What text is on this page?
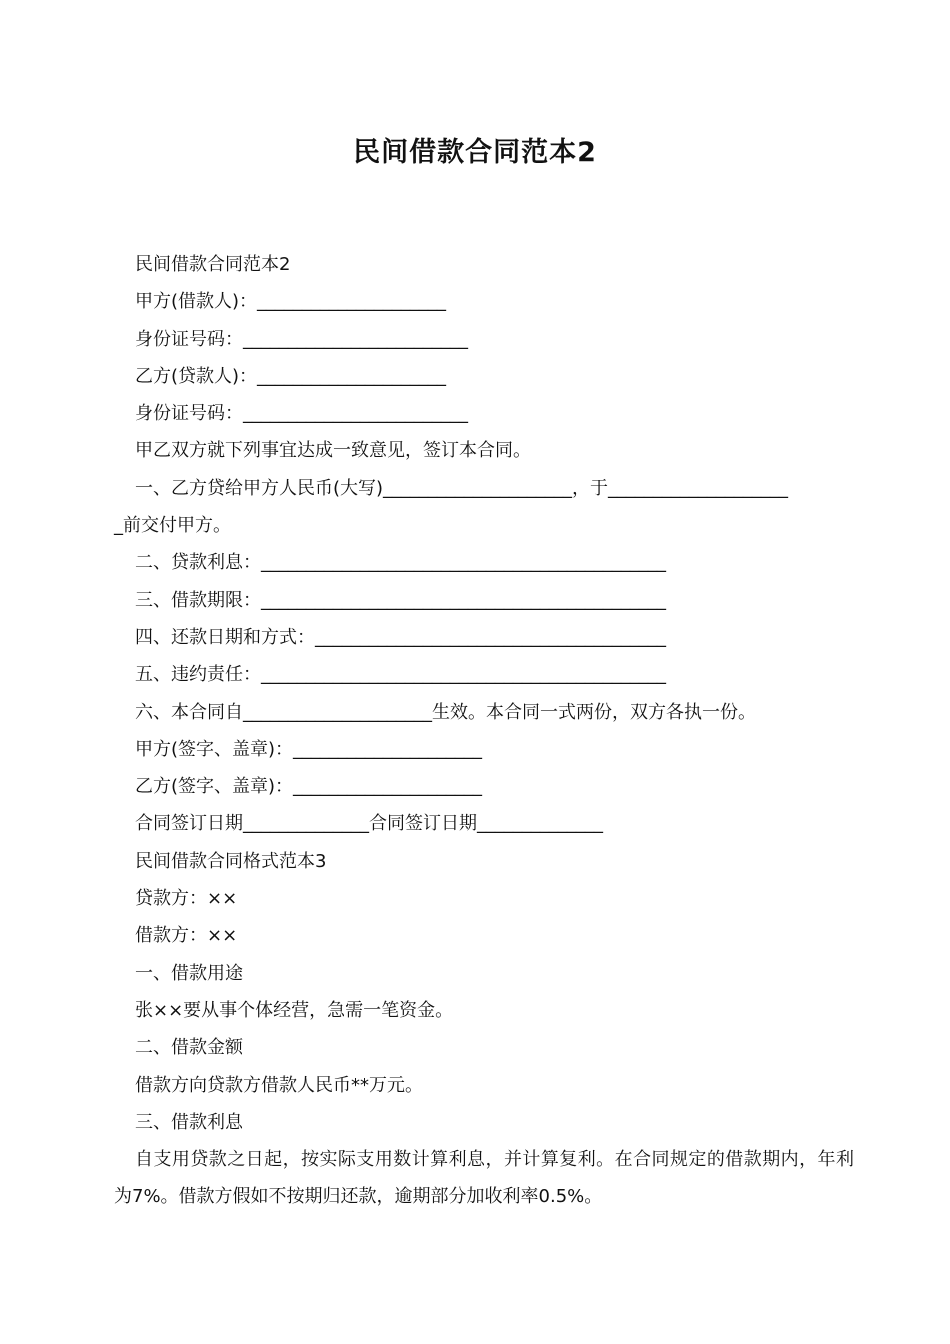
民间借款合同范本2
民间借款合同范本2
甲方(借款人)：_____________________
身份证号码：_________________________
乙方(贷款人)：_____________________
身份证号码：_________________________
甲乙双方就下列事宜达成一致意见，签订本合同。
一、乙方贷给甲方人民币(大写)_____________________，于____________________
_前交付甲方。
二、贷款利息：_____________________________________________
三、借款期限：_____________________________________________
四、还款日期和方式：_______________________________________
五、违约责任：_____________________________________________
六、本合同自_____________________生效。本合同一式两份，双方各执一份。
甲方(签字、盖章)：_____________________
乙方(签字、盖章)：_____________________
合同签订日期______________合同签订日期______________
民间借款合同格式范本3
贷款方：××
借款方：××
一、借款用途
张××要从事个体经营，急需一笔资金。
二、借款金额
借款方向贷款方借款人民币**万元。
三、借款利息
自支用贷款之日起，按实际支用数计算利息，并计算复利。在合同规定的借款期内，年利为7%。借款方假如不按期归还款，逾期部分加收利率0.5%。
